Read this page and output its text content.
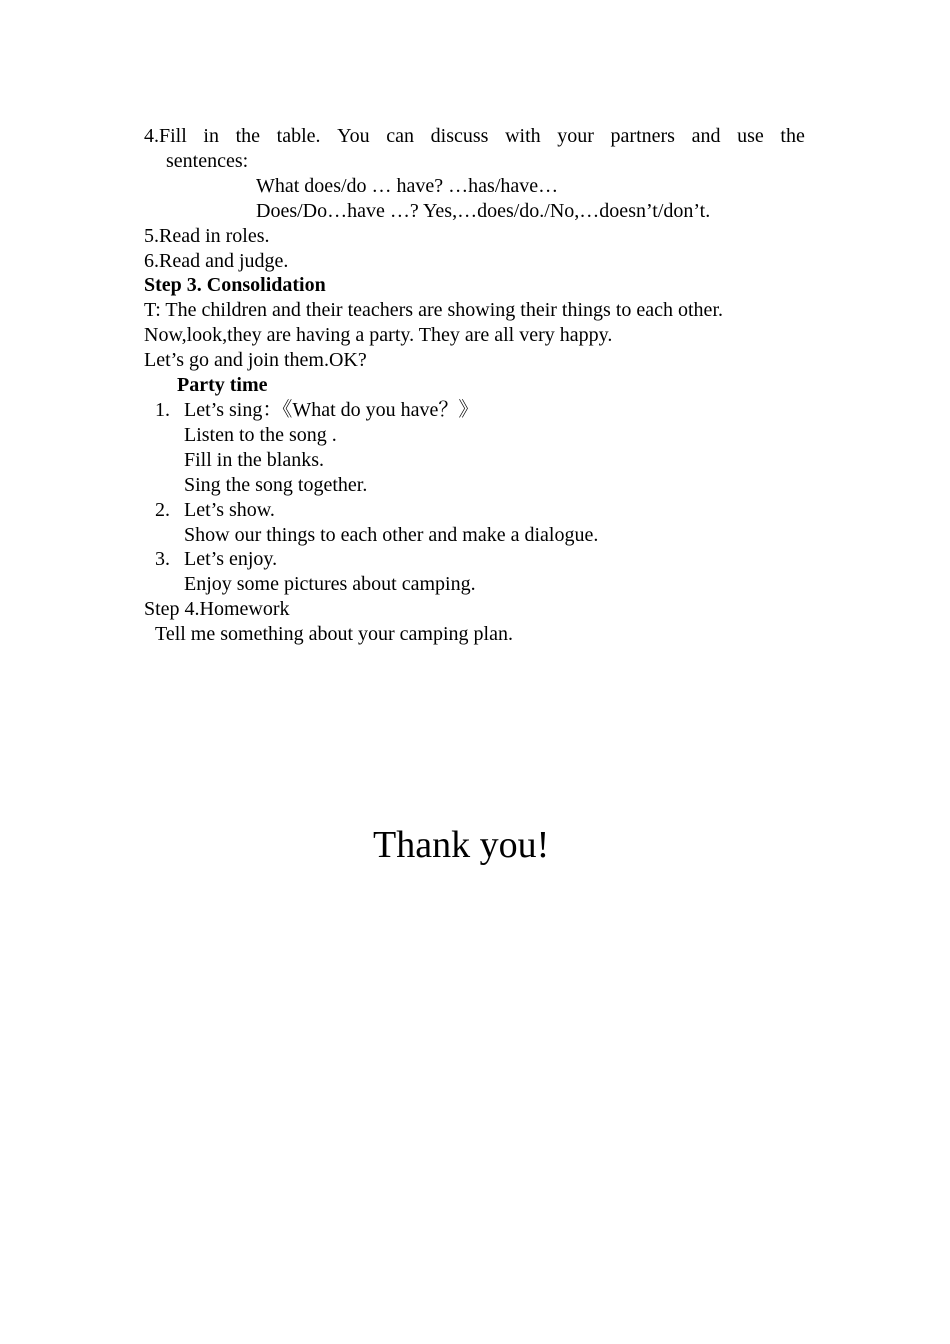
4.Fill in the table. You can discuss with your partners and use the
sentences:
What does/do … have? …has/have…
Does/Do…have …? Yes,…does/do./No,…doesn’t/don’t.
5.Read in roles.
6.Read and judge.
Step 3. Consolidation
T: The children and their teachers are showing their things to each other.
Now,look,they are having a party. They are all very happy.
Let’s go and join them.OK?
Party time
1. Let’s sing：《What do you have？》
Listen to the song .
Fill in the blanks.
Sing the song together.
2. Let’s show.
Show our things to each other and make a dialogue.
3. Let’s enjoy.
Enjoy some pictures about camping.
Step 4.Homework
Tell me something about your camping plan.
Thank you!
